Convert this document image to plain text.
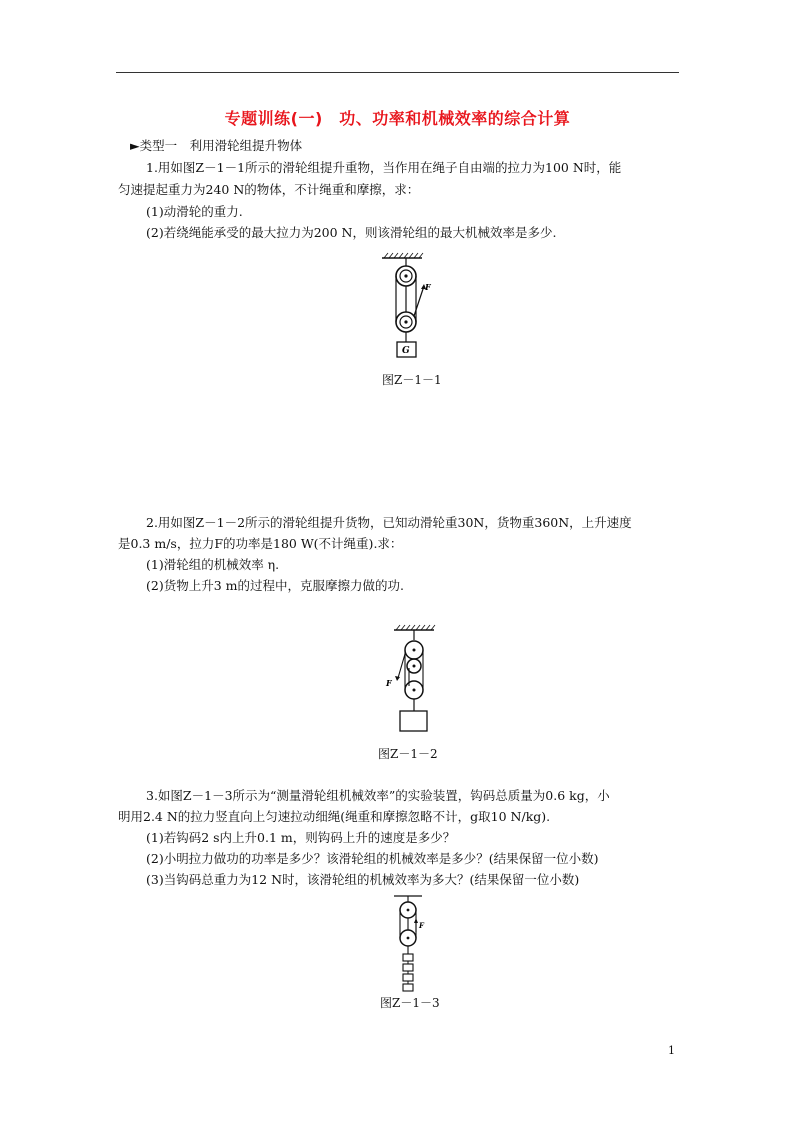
专题训练(一)　功、功率和机械效率的综合计算
►类型一　利用滑轮组提升物体
1.用如图Z－1－1所示的滑轮组提升重物，当作用在绳子自由端的拉力为100 N时，能
匀速提起重力为240 N的物体，不计绳重和摩擦，求：
(1)动滑轮的重力.
(2)若绕绳能承受的最大拉力为200 N，则该滑轮组的最大机械效率是多少.
F
G
图Z－1－1
2.用如图Z－1－2所示的滑轮组提升货物，已知动滑轮重30N，货物重360N，上升速度
是0.3 m/s，拉力F的功率是180 W(不计绳重).求：
(1)滑轮组的机械效率 η.
(2)货物上升3 m的过程中，克服摩擦力做的功.
F
图Z－1－2
3.如图Z－1－3所示为“测量滑轮组机械效率”的实验装置，钩码总质量为0.6 kg，小
明用2.4 N的拉力竖直向上匀速拉动细绳(绳重和摩擦忽略不计，g取10 N/kg).
(1)若钩码2 s内上升0.1 m，则钩码上升的速度是多少？
(2)小明拉力做功的功率是多少？该滑轮组的机械效率是多少？(结果保留一位小数)
(3)当钩码总重力为12 N时，该滑轮组的机械效率为多大？(结果保留一位小数)
F
图Z－1－3
1
